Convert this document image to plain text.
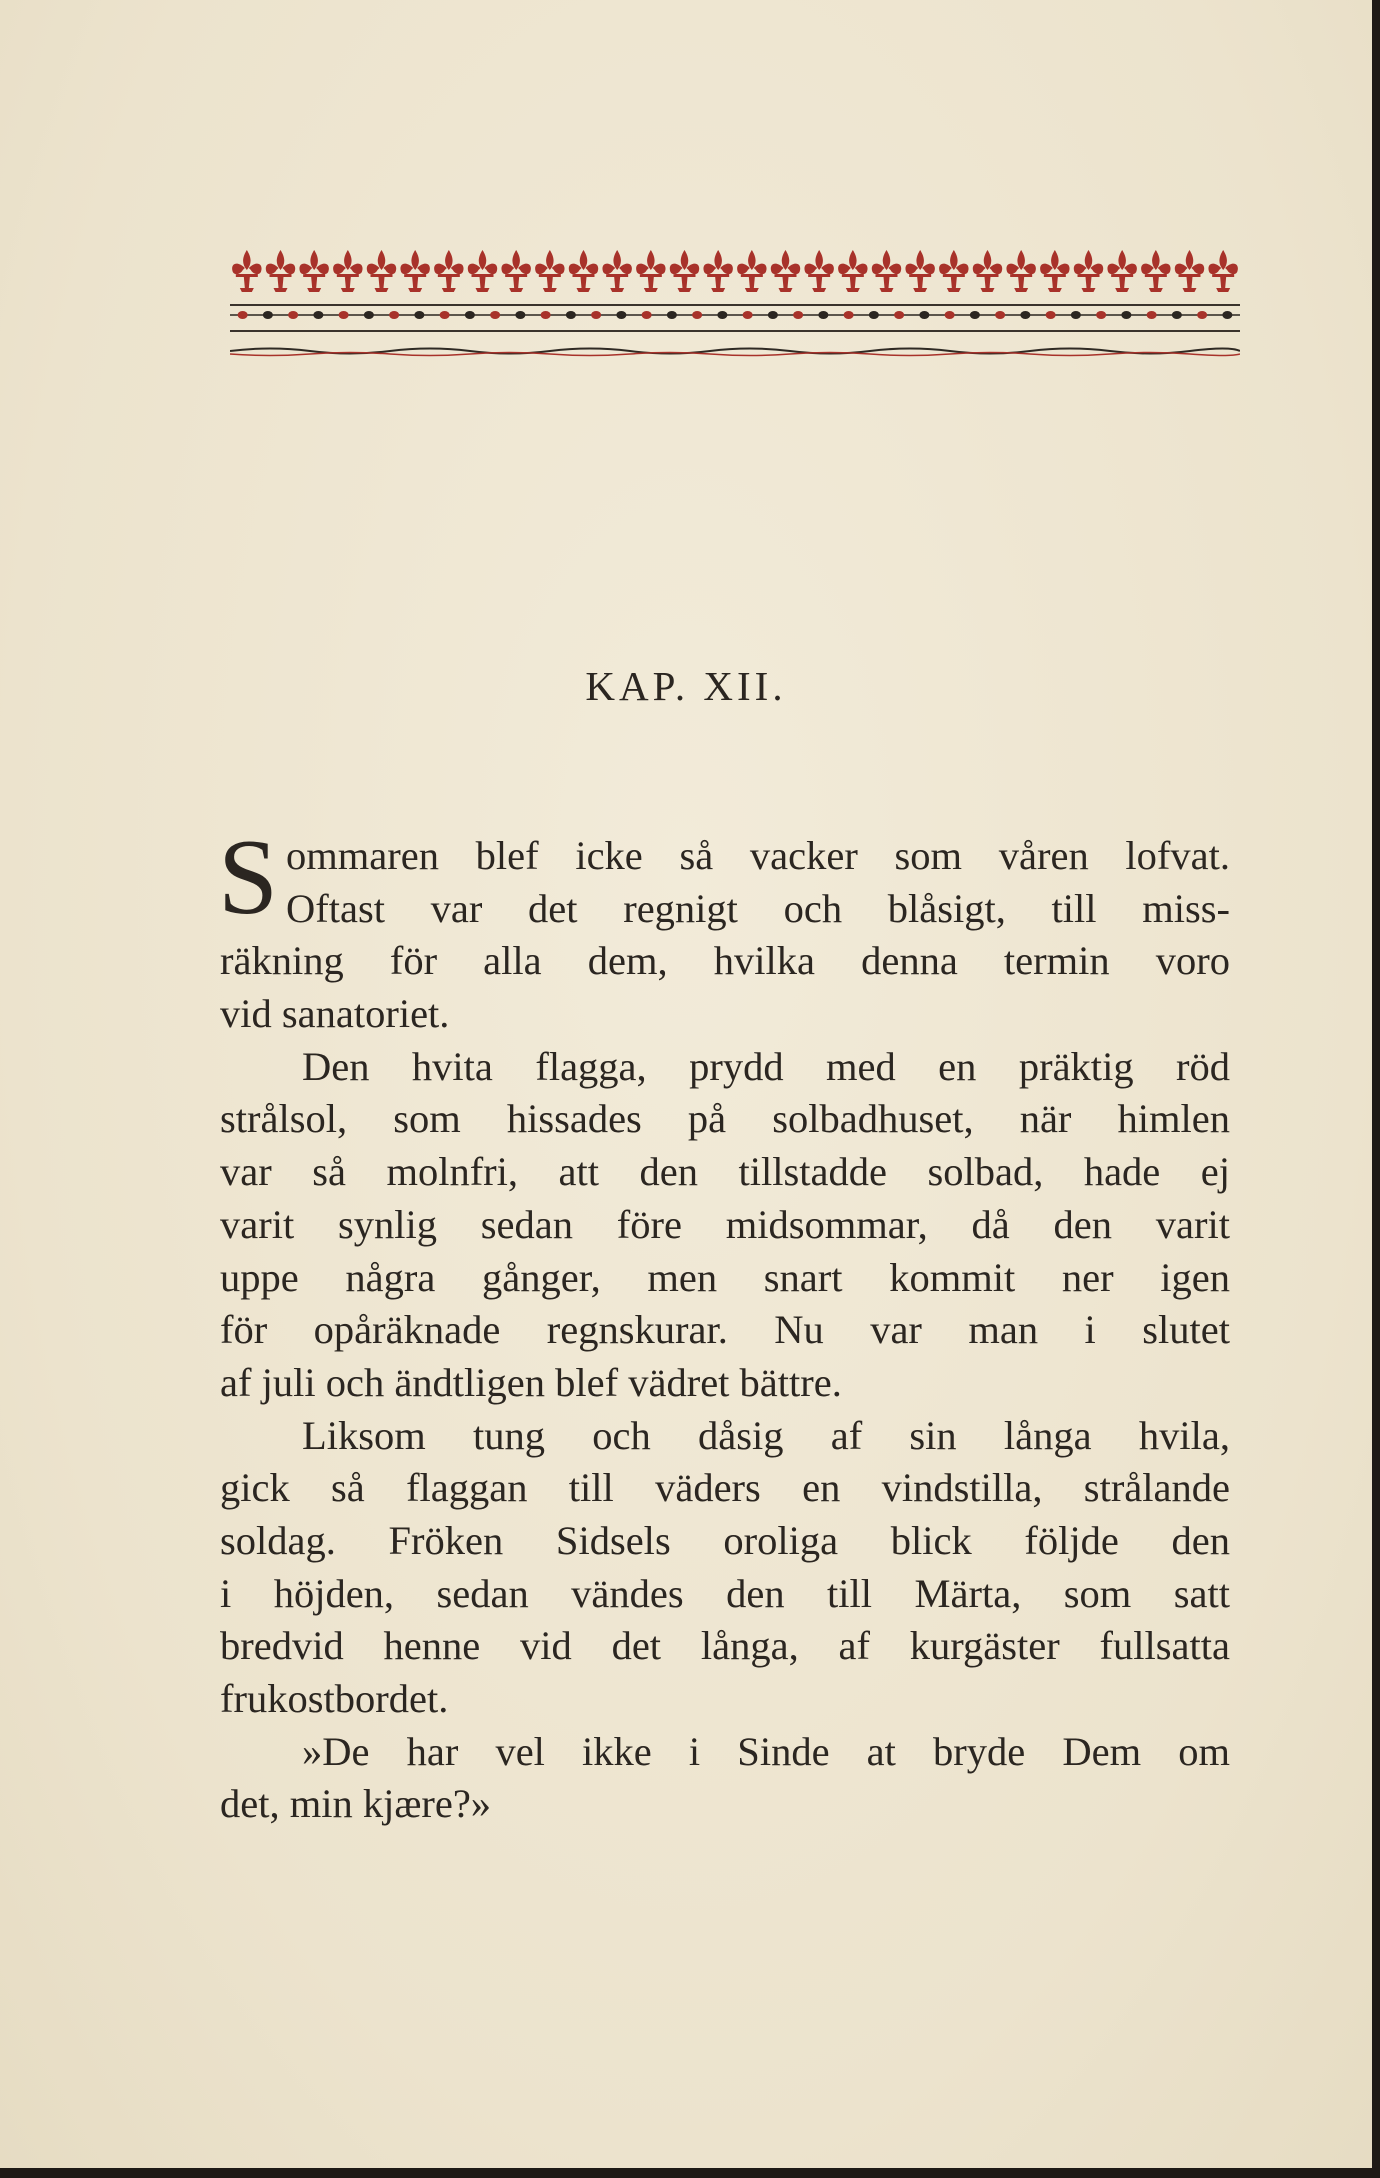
KAP. XII.
S ommaren blef icke så vacker som våren lofvat.
Oftast var det regnigt och blåsigt, till miss-
räkning för alla dem, hvilka denna termin voro
vid sanatoriet.
Den hvita flagga, prydd med en präktig röd
strålsol, som hissades på solbadhuset, när himlen
var så molnfri, att den tillstadde solbad, hade ej
varit synlig sedan före midsommar, då den varit
uppe några gånger, men snart kommit ner igen
för opåräknade regnskurar. Nu var man i slutet
af juli och ändtligen blef vädret bättre.
Liksom tung och dåsig af sin långa hvila,
gick så flaggan till väders en vindstilla, strålande
soldag. Fröken Sidsels oroliga blick följde den
i höjden, sedan vändes den till Märta, som satt
bredvid henne vid det långa, af kurgäster fullsatta
frukostbordet.
»De har vel ikke i Sinde at bryde Dem om
det, min kjære?»
